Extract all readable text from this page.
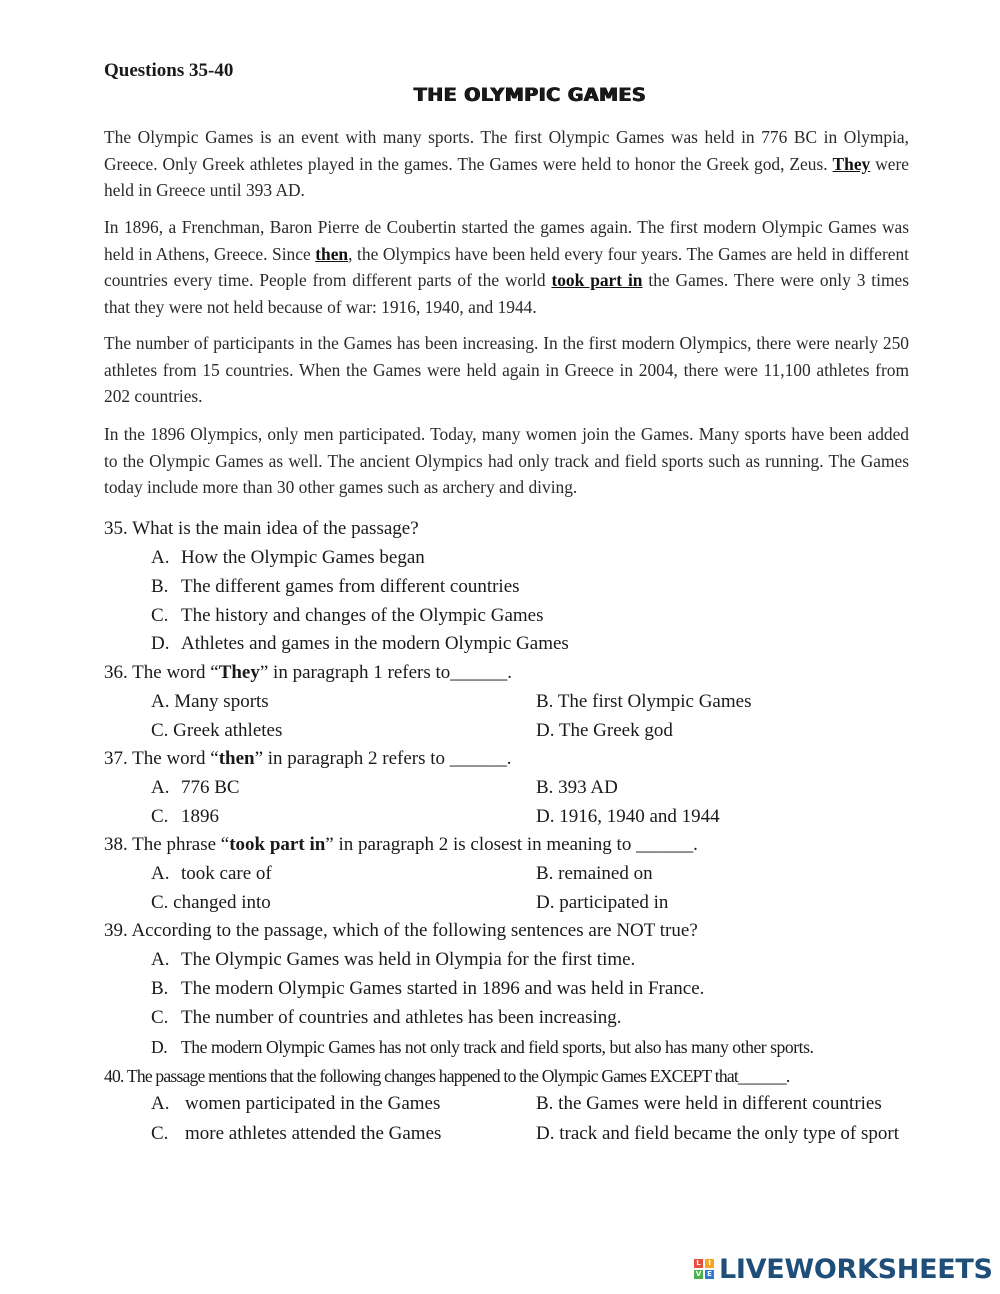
Questions 35-40
THE OLYMPIC GAMES
The Olympic Games is an event with many sports. The first Olympic Games was held in 776 BC in Olympia, Greece. Only Greek athletes played in the games. The Games were held to honor the Greek god, Zeus. They were held in Greece until 393 AD.
In 1896, a Frenchman, Baron Pierre de Coubertin started the games again. The first modern Olympic Games was held in Athens, Greece. Since then, the Olympics have been held every four years. The Games are held in different countries every time. People from different parts of the world took part in the Games. There were only 3 times that they were not held because of war: 1916, 1940, and 1944.
The number of participants in the Games has been increasing. In the first modern Olympics, there were nearly 250 athletes from 15 countries. When the Games were held again in Greece in 2004, there were 11,100 athletes from 202 countries.
In the 1896 Olympics, only men participated. Today, many women join the Games. Many sports have been added to the Olympic Games as well. The ancient Olympics had only track and field sports such as running. The Games today include more than 30 other games such as archery and diving.
35. What is the main idea of the passage?
A. How the Olympic Games began
B. The different games from different countries
C. The history and changes of the Olympic Games
D. Athletes and games in the modern Olympic Games
36. The word “They” in paragraph 1 refers to______.
A. Many sports	B. The first Olympic Games
C. Greek athletes	D. The Greek god
37. The word “then” in paragraph 2 refers to ______.
A. 776 BC	B. 393 AD
C. 1896	D. 1916, 1940 and 1944
38. The phrase “took part in” in paragraph 2 is closest in meaning to ______.
A. took care of	B. remained on
C. changed into	D. participated in
39. According to the passage, which of the following sentences are NOT true?
A. The Olympic Games was held in Olympia for the first time.
B. The modern Olympic Games started in 1896 and was held in France.
C. The number of countries and athletes has been increasing.
D. The modern Olympic Games has not only track and field sports, but also has many other sports.
40. The passage mentions that the following changes happened to the Olympic Games EXCEPT that______.
A. women participated in the Games	B. the Games were held in different countries
C. more athletes attended the Games	D. track and field became the only type of sport
L	I
V E LIVEWORKSHEETS
